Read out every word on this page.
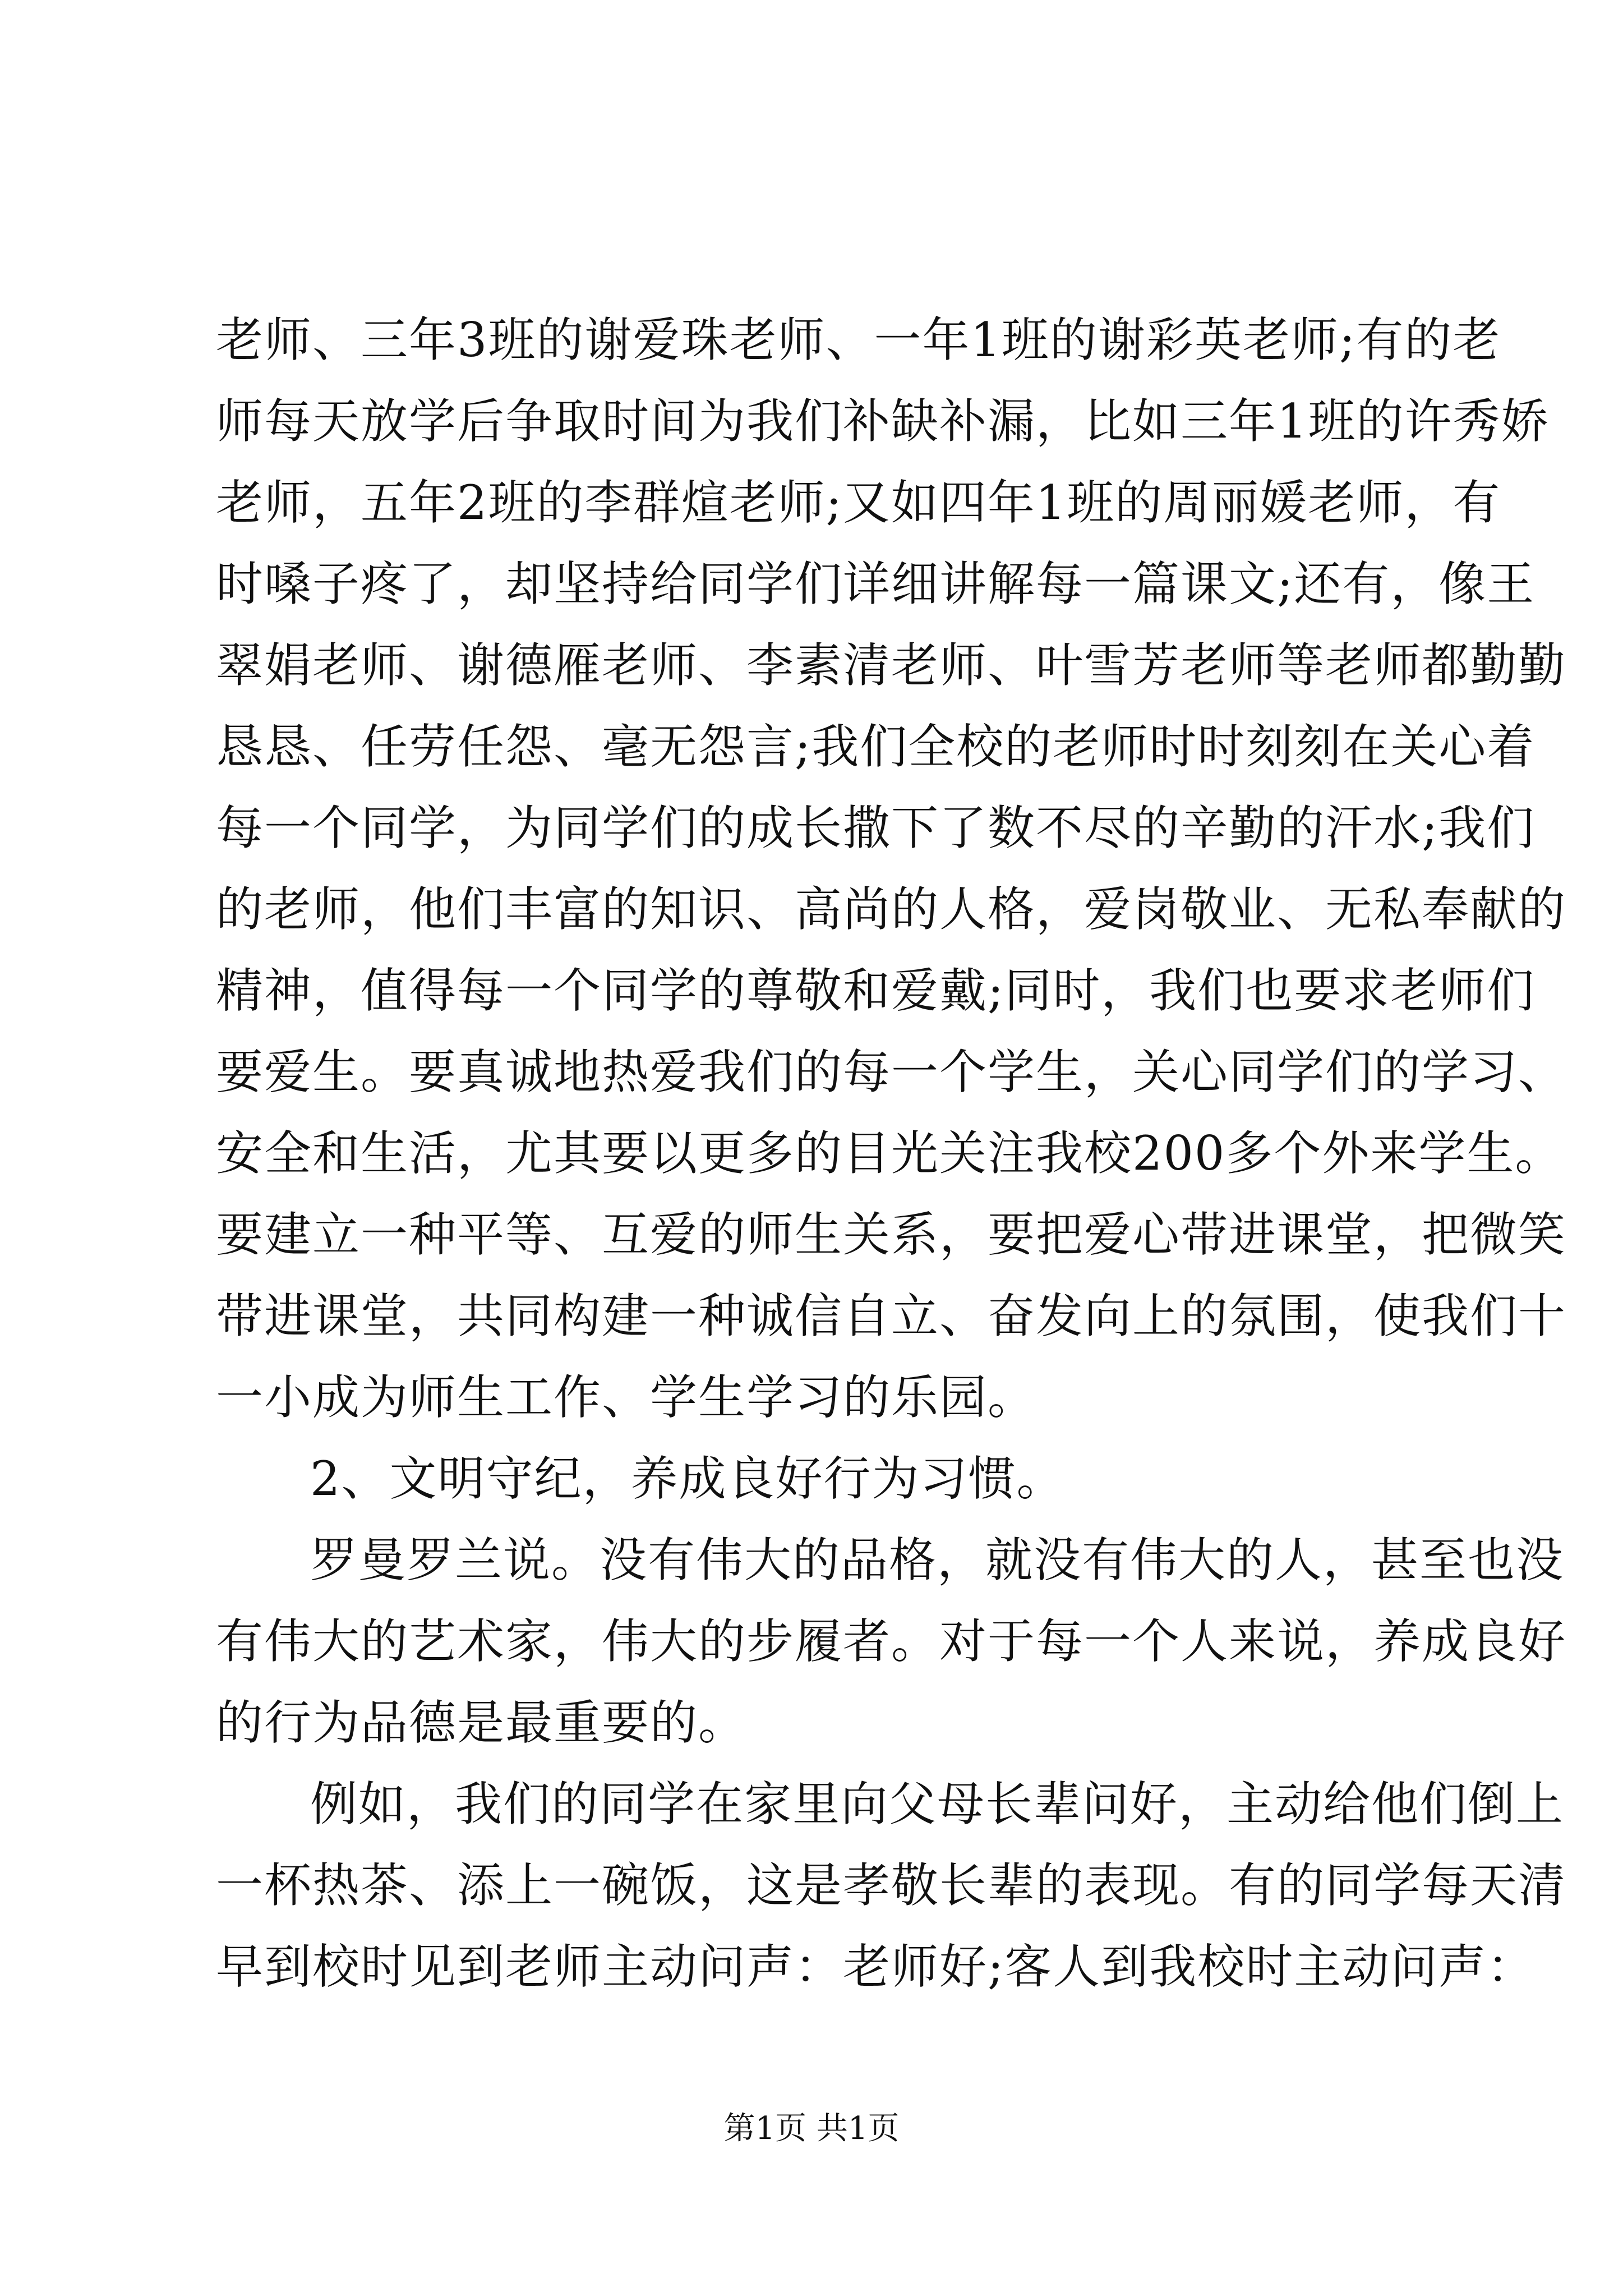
老师、三年3班的谢爱珠老师、一年1班的谢彩英老师;有的老
师每天放学后争取时间为我们补缺补漏，比如三年1班的许秀娇
老师，五年2班的李群煊老师;又如四年1班的周丽媛老师，有
时嗓子疼了，却坚持给同学们详细讲解每一篇课文;还有，像王
翠娟老师、谢德雁老师、李素清老师、叶雪芳老师等老师都勤勤
恳恳、任劳任怨、毫无怨言;我们全校的老师时时刻刻在关心着
每一个同学，为同学们的成长撒下了数不尽的辛勤的汗水;我们
的老师，他们丰富的知识、高尚的人格，爱岗敬业、无私奉献的
精神，值得每一个同学的尊敬和爱戴;同时，我们也要求老师们
要爱生。要真诚地热爱我们的每一个学生，关心同学们的学习、
安全和生活，尤其要以更多的目光关注我校200多个外来学生。
要建立一种平等、互爱的师生关系，要把爱心带进课堂，把微笑
带进课堂，共同构建一种诚信自立、奋发向上的氛围，使我们十
一小成为师生工作、学生学习的乐园。
2、文明守纪，养成良好行为习惯。
罗曼罗兰说。没有伟大的品格，就没有伟大的人，甚至也没
有伟大的艺术家，伟大的步履者。对于每一个人来说，养成良好
的行为品德是最重要的。
例如，我们的同学在家里向父母长辈问好，主动给他们倒上
一杯热茶、添上一碗饭，这是孝敬长辈的表现。有的同学每天清
早到校时见到老师主动问声：老师好;客人到我校时主动问声：
第1页 共1页
